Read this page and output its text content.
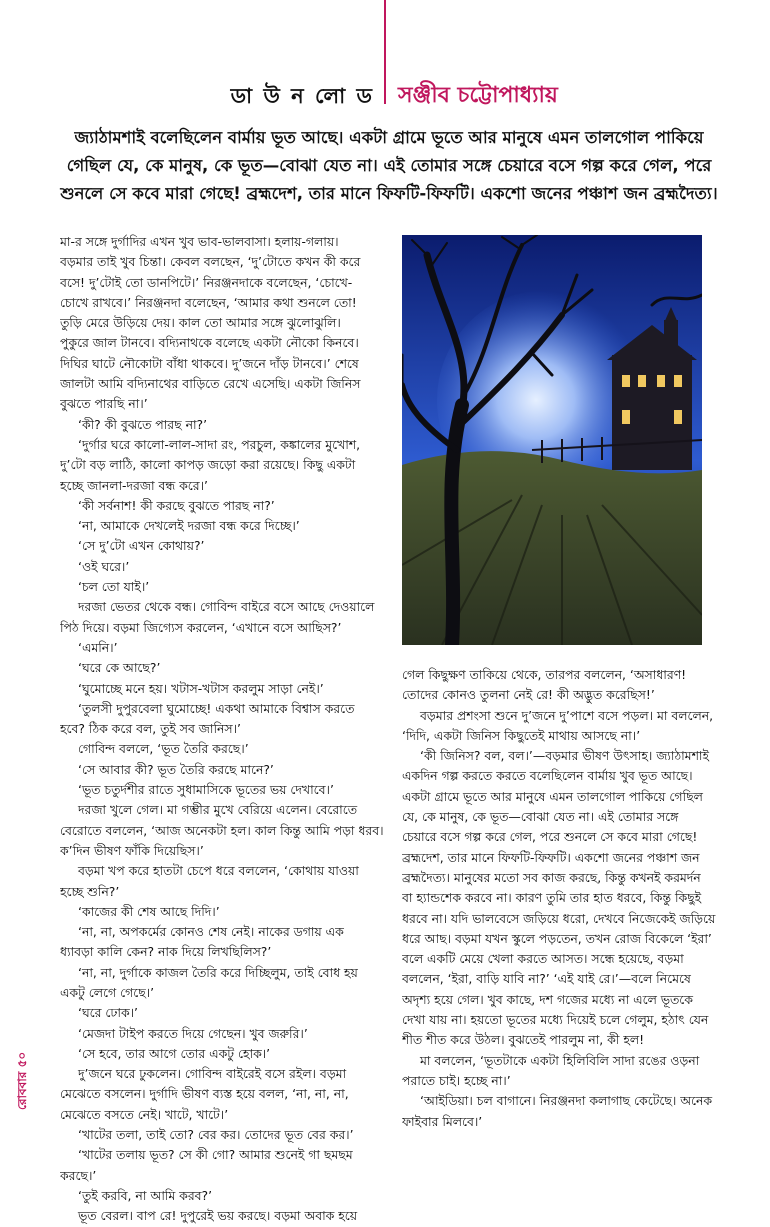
ডা উ ন লো ড সঞ্জীব চট্টোপাধ্যায়

জ্যাঠামশাই বলেছিলেন বার্মায় ভূত আছে। একটা গ্রামে ভূতে আর মানুষে এমন তালগোল পাকিয়ে

গেছিল যে, কে মানুষ, কে ভূত—বোঝা যেত না। এই তোমার সঙ্গে চেয়ারে বসে গল্প করে গেল, পরে

শুনলে সে কবে মারা গেছে! ব্রহ্মদেশ, তার মানে ফিফটি-ফিফটি। একশো জনের পঞ্চাশ জন ব্রহ্মদৈত্য।

মা-র সঙ্গে দুর্গাদির এখন খুব ভাব-ভালবাসা। হলায়-গলায়।

বড়মার তাই খুব চিন্তা। কেবল বলছেন, ‘দু’টোতে কখন কী করে

বসে! দু’টোই তো ডানপিটে।’ নিরঞ্জনদাকে বলেছেন, ‘চোখে-

চোখে রাখবে।’ নিরঞ্জনদা বলেছেন, ‘আমার কথা শুনলে তো!

তুড়ি মেরে উড়িয়ে দেয়। কাল তো আমার সঙ্গে ঝুলোঝুলি।

পুকুরে জাল টানবে। বদ্যিনাথকে বলেছে একটা নৌকো কিনবে।

দিঘির ঘাটে নৌকোটা বাঁধা থাকবে। দু’জনে দাঁড় টানবে।’ শেষে

জালটা আমি বদ্যিনাথের বাড়িতে রেখে এসেছি। একটা জিনিস

বুঝতে পারছি না।’

‘কী? কী বুঝতে পারছ না?’

‘দুর্গার ঘরে কালো-লাল-সাদা রং, পরচুল, কঙ্কালের মুখোশ,

দু’টো বড় লাঠি, কালো কাপড় জড়ো করা রয়েছে। কিছু একটা

হচ্ছে জানলা-দরজা বন্ধ করে।’

‘কী সর্বনাশ! কী করছে বুঝতে পারছ না?’

‘না, আমাকে দেখলেই দরজা বন্ধ করে দিচ্ছে।’

‘সে দু’টো এখন কোথায়?’

‘ওই ঘরে।’

‘চল তো যাই।’

দরজা ভেতর থেকে বন্ধ। গোবিন্দ বাইরে বসে আছে দেওয়ালে

পিঠ দিয়ে। বড়মা জিগ্যেস করলেন, ‘এখানে বসে আছিস?’

‘এমনি।’

‘ঘরে কে আছে?’

‘ঘুমোচ্ছে মনে হয়। খটাস-খটাস করলুম সাড়া নেই।’

‘তুলসী দুপুরবেলা ঘুমোচ্ছে! একথা আমাকে বিশ্বাস করতে

হবে? ঠিক করে বল, তুই সব জানিস।’

গোবিন্দ বললে, ‘ভূত তৈরি করছে।’

‘সে আবার কী? ভূত তৈরি করছে মানে?’

‘ভূত চতুর্দশীর রাতে সুধামাসিকে ভূতের ভয় দেখাবে।’

দরজা খুলে গেল। মা গম্ভীর মুখে বেরিয়ে এলেন। বেরোতে

বেরোতে বললেন, ‘আজ অনেকটা হল। কাল কিন্তু আমি পড়া ধরব।

ক’দিন ভীষণ ফাঁকি দিয়েছিস।’

বড়মা খপ করে হাতটা চেপে ধরে বললেন, ‘কোথায় যাওয়া

হচ্ছে শুনি?’

‘কাজের কী শেষ আছে দিদি।’

‘না, না, অপকর্মের কোনও শেষ নেই। নাকের ডগায় এক

ধ্যাবড়া কালি কেন? নাক দিয়ে লিখছিলিস?’

‘না, না, দুর্গাকে কাজল তৈরি করে দিচ্ছিলুম, তাই বোধ হয়

একটু লেগে গেছে।’

‘ঘরে ঢোক।’

‘মেজদা টাইপ করতে দিয়ে গেছেন। খুব জরুরি।’

‘সে হবে, তার আগে তোর একটু হোক।’

দু’জনে ঘরে ঢুকলেন। গোবিন্দ বাইরেই বসে রইল। বড়মা

মেঝেতে বসলেন। দুর্গাদি ভীষণ ব্যস্ত হয়ে বলল, ‘না, না, না,

মেঝেতে বসতে নেই। খাটে, খাটে।’

‘খাটের তলা, তাই তো? বের কর। তোদের ভূত বের কর।’

‘খাটের তলায় ভূত? সে কী গো? আমার শুনেই গা ছমছম

করছে।’

‘তুই করবি, না আমি করব?’

ভূত বেরল। বাপ রে! দুপুরেই ভয় করছে। বড়মা অবাক হয়ে

গেল কিছুক্ষণ তাকিয়ে থেকে, তারপর বললেন, ‘অসাধারণ!

তোদের কোনও তুলনা নেই রে! কী অদ্ভুত করেছিস!’

বড়মার প্রশংসা শুনে দু’জনে দু’পাশে বসে পড়ল। মা বললেন,

‘দিদি, একটা জিনিস কিছুতেই মাথায় আসছে না।’

‘কী জিনিস? বল, বল।’—বড়মার ভীষণ উৎসাহ। জ্যাঠামশাই

একদিন গল্প করতে করতে বলেছিলেন বার্মায় খুব ভূত আছে।

একটা গ্রামে ভূতে আর মানুষে এমন তালগোল পাকিয়ে গেছিল

যে, কে মানুষ, কে ভূত—বোঝা যেত না। এই তোমার সঙ্গে

চেয়ারে বসে গল্প করে গেল, পরে শুনলে সে কবে মারা গেছে!

ব্রহ্মদেশ, তার মানে ফিফটি-ফিফটি। একশো জনের পঞ্চাশ জন

ব্রহ্মদৈত্য। মানুষের মতো সব কাজ করছে, কিন্তু কখনই করমর্দন

বা হ্যান্ডশেক করবে না। কারণ তুমি তার হাত ধরবে, কিন্তু কিছুই

ধরবে না। যদি ভালবেসে জড়িয়ে ধরো, দেখবে নিজেকেই জড়িয়ে

ধরে আছ। বড়মা যখন স্কুলে পড়তেন, তখন রোজ বিকেলে ‘ইরা’

বলে একটি মেয়ে খেলা করতে আসত। সন্ধে হয়েছে, বড়মা

বললেন, ‘ইরা, বাড়ি যাবি না?’ ‘এই যাই রে।’—বলে নিমেষে

অদৃশ্য হয়ে গেল। খুব কাছে, দশ গজের মধ্যে না এলে ভূতকে

দেখা যায় না। হয়তো ভূতের মধ্যে দিয়েই চলে গেলুম, হঠাৎ যেন

শীত শীত করে উঠল। বুঝতেই পারলুম না, কী হল!

মা বললেন, ‘ভূতটাকে একটা হিলিবিলি সাদা রঙের ওড়না

পরাতে চাই। হচ্ছে না।’

‘আইডিয়া। চল বাগানে। নিরঞ্জনদা কলাগাছ কেটেছে। অনেক

ফাইবার মিলবে।’

রোববার ৫০
